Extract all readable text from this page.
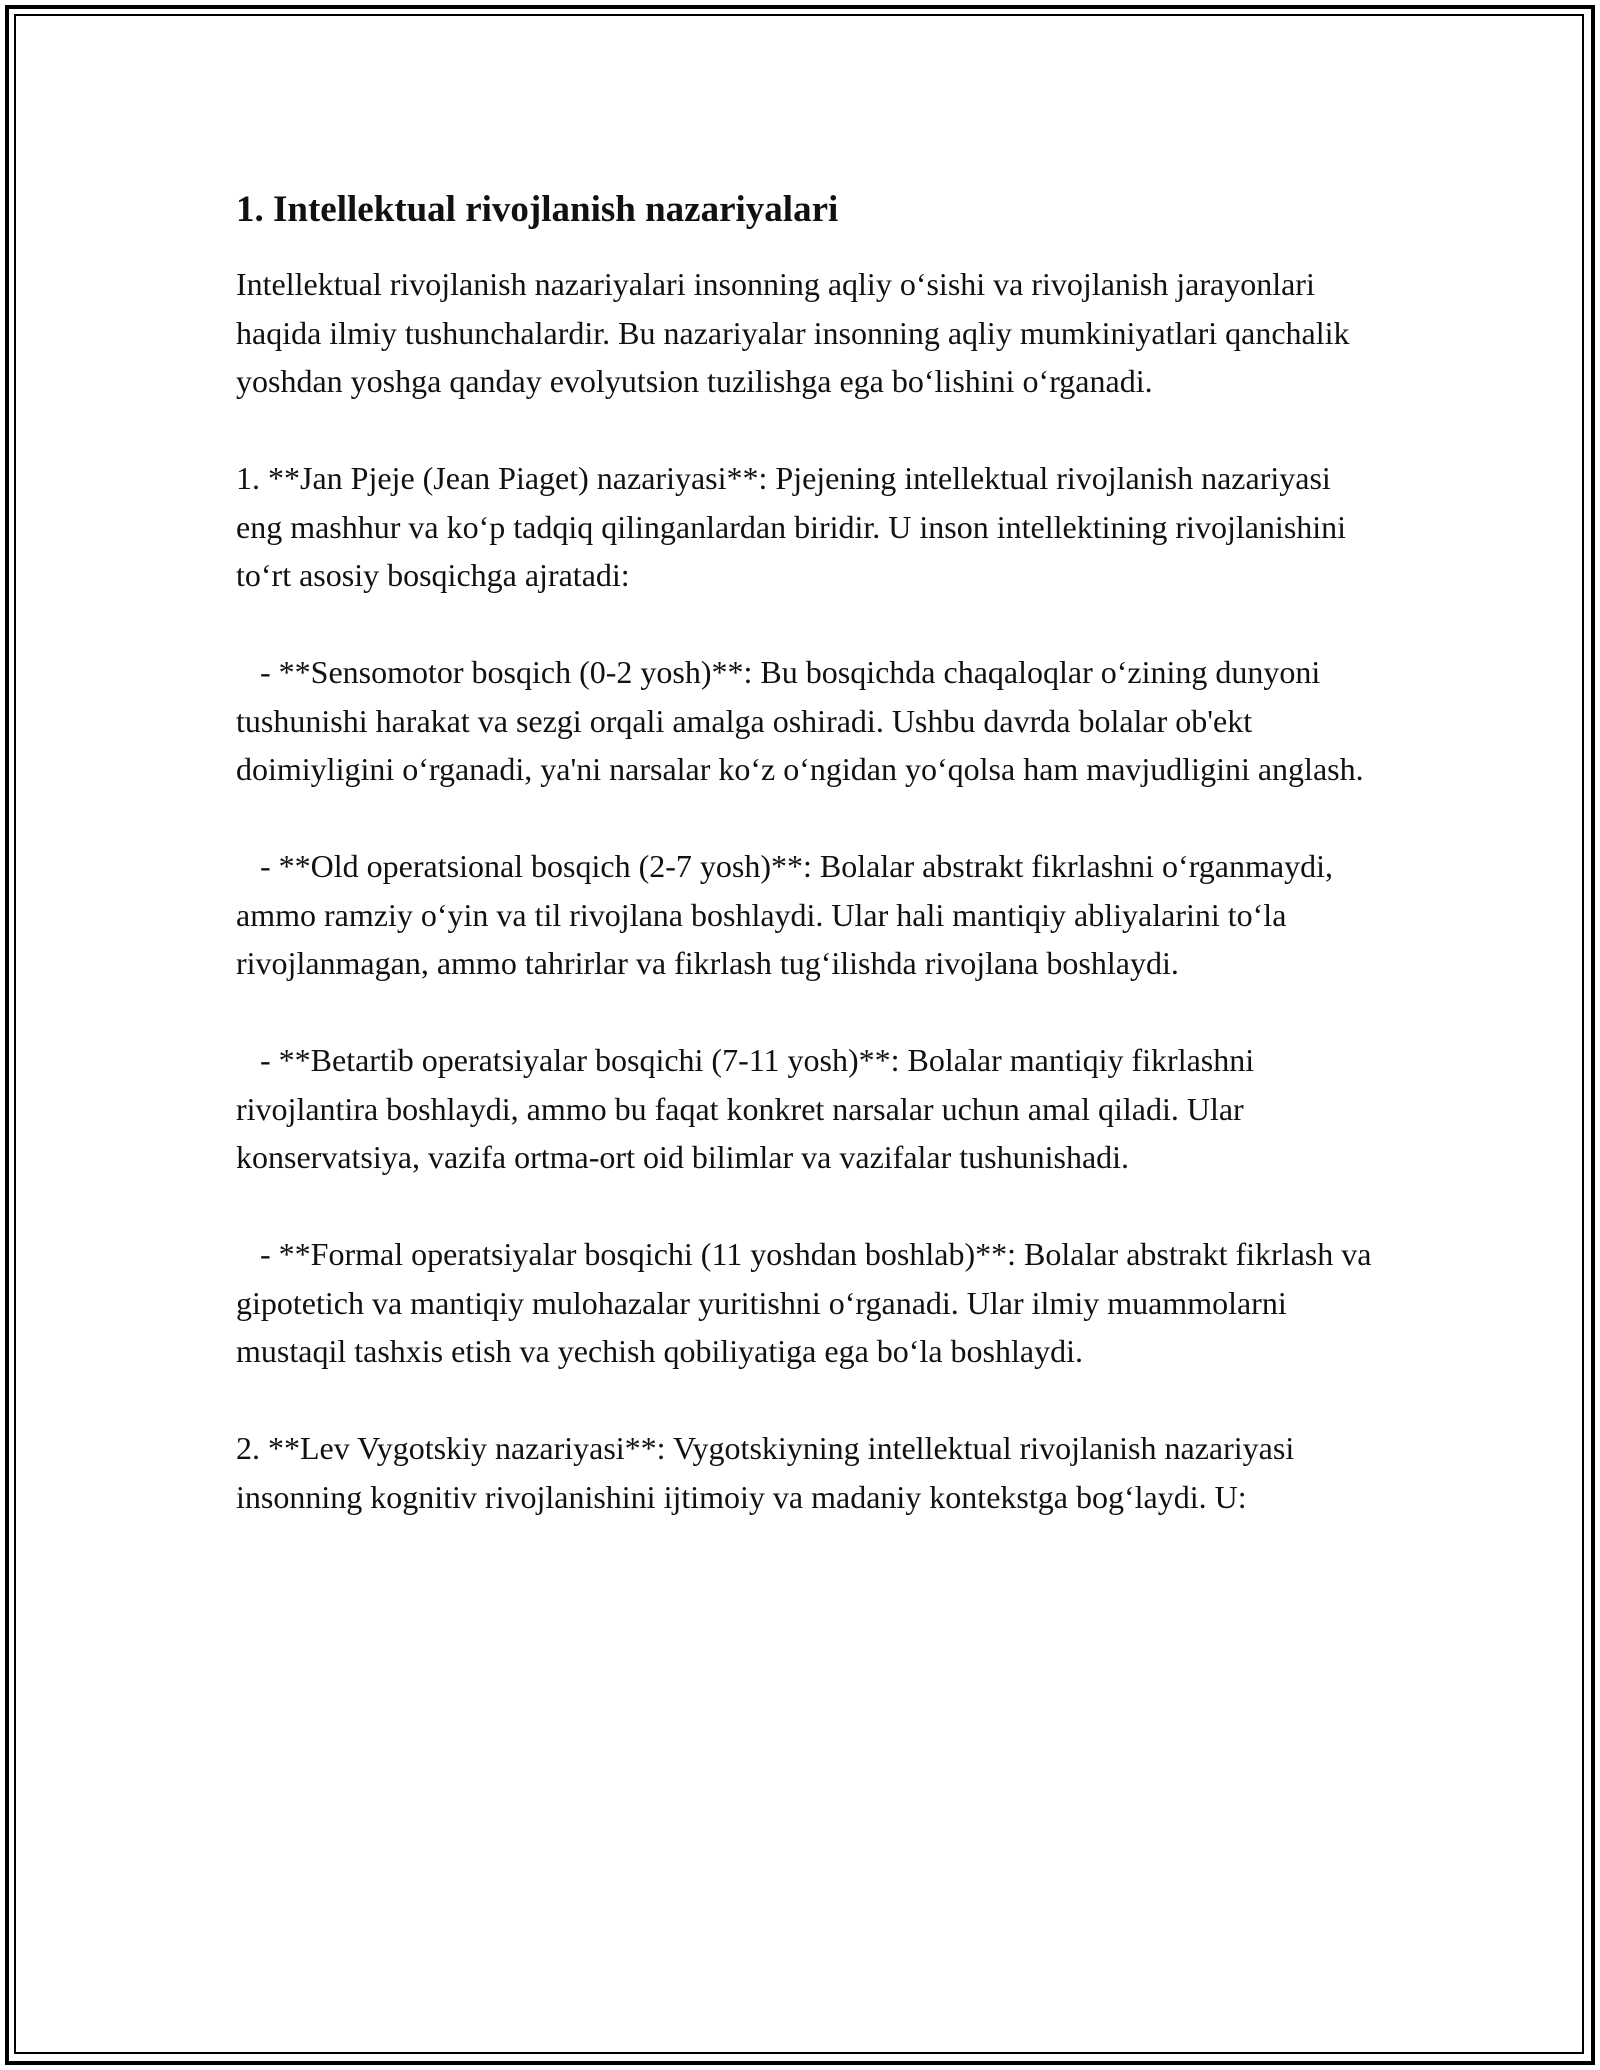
1. Intellektual rivojlanish nazariyalari

Intellektual rivojlanish nazariyalari insonning aqliy o‘sishi va rivojlanish jarayonlari haqida ilmiy tushunchalardir. Bu nazariyalar insonning aqliy mumkiniyatlari qanchalik yoshdan yoshga qanday evolyutsion tuzilishga ega bo‘lishini o‘rganadi.

1. **Jan Pjeje (Jean Piaget) nazariyasi**: Pjejening intellektual rivojlanish nazariyasi eng mashhur va ko‘p tadqiq qilinganlardan biridir. U inson intellektining rivojlanishini to‘rt asosiy bosqichga ajratadi:

- **Sensomotor bosqich (0-2 yosh)**: Bu bosqichda chaqaloqlar o‘zining dunyoni tushunishi harakat va sezgi orqali amalga oshiradi. Ushbu davrda bolalar ob'ekt doimiyligini o‘rganadi, ya'ni narsalar ko‘z o‘ngidan yo‘qolsa ham mavjudligini anglash.

- **Old operatsional bosqich (2-7 yosh)**: Bolalar abstrakt fikrlashni o‘rganmaydi, ammo ramziy o‘yin va til rivojlana boshlaydi. Ular hali mantiqiy abliyalarini to‘la rivojlanmagan, ammo tahrirlar va fikrlash tug‘ilishda rivojlana boshlaydi.

- **Betartib operatsiyalar bosqichi (7-11 yosh)**: Bolalar mantiqiy fikrlashni rivojlantira boshlaydi, ammo bu faqat konkret narsalar uchun amal qiladi. Ular konservatsiya, vazifa ortma-ort oid bilimlar va vazifalar tushunishadi.

- **Formal operatsiyalar bosqichi (11 yoshdan boshlab)**: Bolalar abstrakt fikrlash va gipotetich va mantiqiy mulohazalar yuritishni o‘rganadi. Ular ilmiy muammolarni mustaqil tashxis etish va yechish qobiliyatiga ega bo‘la boshlaydi.

2. **Lev Vygotskiy nazariyasi**: Vygotskiyning intellektual rivojlanish nazariyasi insonning kognitiv rivojlanishini ijtimoiy va madaniy kontekstga bog‘laydi. U:
